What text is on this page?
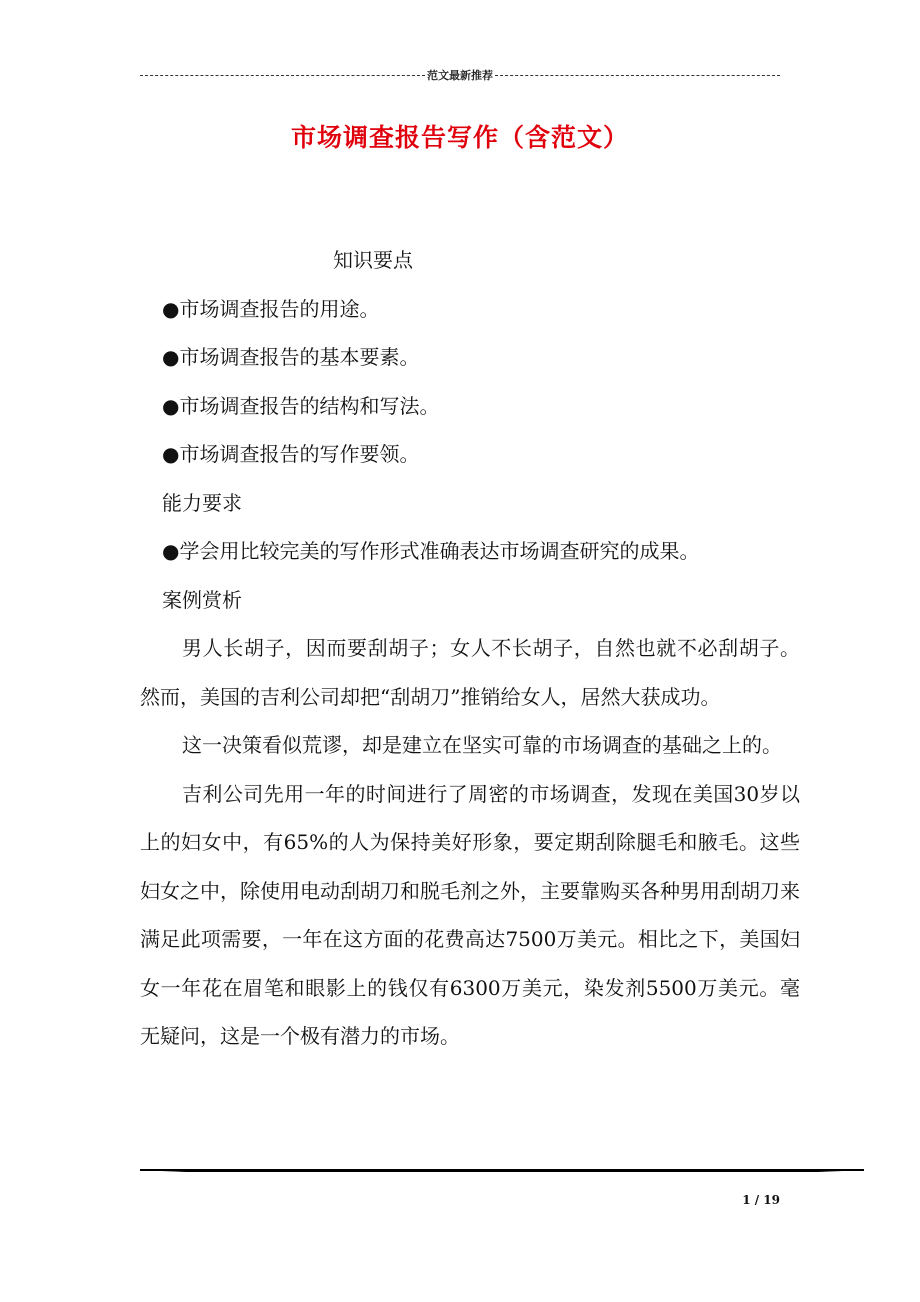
范文最新推荐
市场调查报告写作（含范文）

知识要点

●市场调查报告的用途。

●市场调查报告的基本要素。

●市场调查报告的结构和写法。

●市场调查报告的写作要领。

能力要求

●学会用比较完美的写作形式准确表达市场调查研究的成果。

案例赏析

男人长胡子，因而要刮胡子；女人不长胡子，自然也就不必刮胡子。然而，美国的吉利公司却把“刮胡刀”推销给女人，居然大获成功。

这一决策看似荒谬，却是建立在坚实可靠的市场调查的基础之上的。

吉利公司先用一年的时间进行了周密的市场调查，发现在美国30岁以上的妇女中，有65%的人为保持美好形象，要定期刮除腿毛和腋毛。这些妇女之中，除使用电动刮胡刀和脱毛剂之外，主要靠购买各种男用刮胡刀来满足此项需要，一年在这方面的花费高达7500万美元。相比之下，美国妇女一年花在眉笔和眼影上的钱仅有6300万美元，染发剂5500万美元。毫无疑问，这是一个极有潜力的市场。

1 / 19
